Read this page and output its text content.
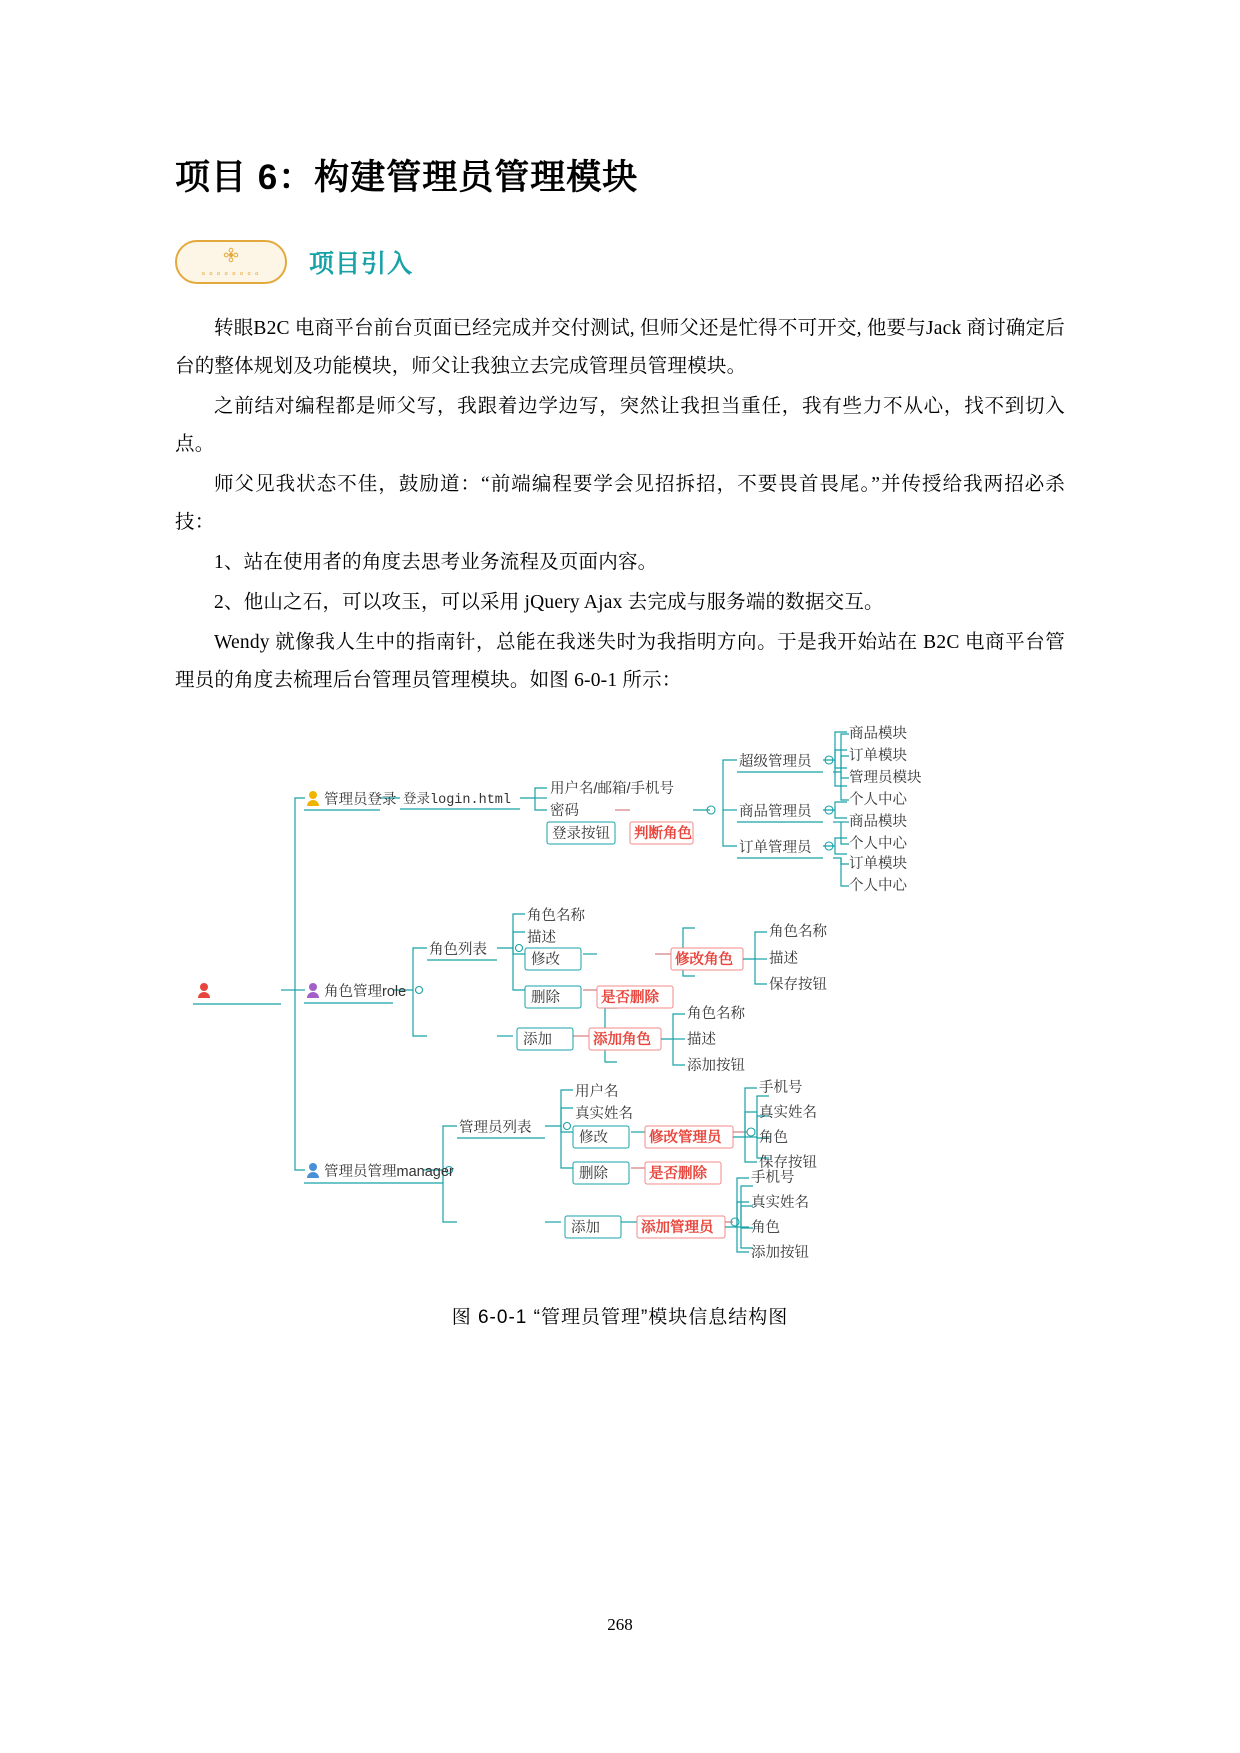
项目 6：构建管理员管理模块
∘∘∘∘∘∘∘∘	项目引入

转眼B2C 电商平台前台页面已经完成并交付测试, 但师父还是忙得不可开交, 他要与Jack 商讨确定后台的整体规划及功能模块，师父让我独立去完成管理员管理模块。

之前结对编程都是师父写，我跟着边学边写，突然让我担当重任，我有些力不从心，找不到切入点。

师父见我状态不佳，鼓励道：“前端编程要学会见招拆招，不要畏首畏尾。”并传授给我两招必杀技：

1、站在使用者的角度去思考业务流程及页面内容。

2、他山之石，可以攻玉，可以采用 jQuery Ajax 去完成与服务端的数据交互。

Wendy 就像我人生中的指南针，总能在我迷失时为我指明方向。于是我开始站在 B2C 电商平台管理员的角度去梳理后台管理员管理模块。如图 6-0-1 所示：

管理员登录 登录login.html
用户名/邮箱/手机号
密码
登录按钮 判断角色
超级管理员
商品模块
订单模块
管理员模块
个人中心
商品管理员
商品模块
个人中心
订单管理员
订单模块
个人中心
角色管理role
角色列表
角色名称
描述
修改	修改角色
角色名称
描述
保存按钮
删除	是否删除
添加	添加角色
角色名称
描述
添加按钮
管理员管理manager
管理员列表
用户名
真实姓名
修改	修改管理员
手机号
真实姓名
角色
保存按钮
删除	是否删除
添加	添加管理员
手机号
真实姓名
角色
添加按钮
图 6-0-1 “管理员管理”模块信息结构图
268
